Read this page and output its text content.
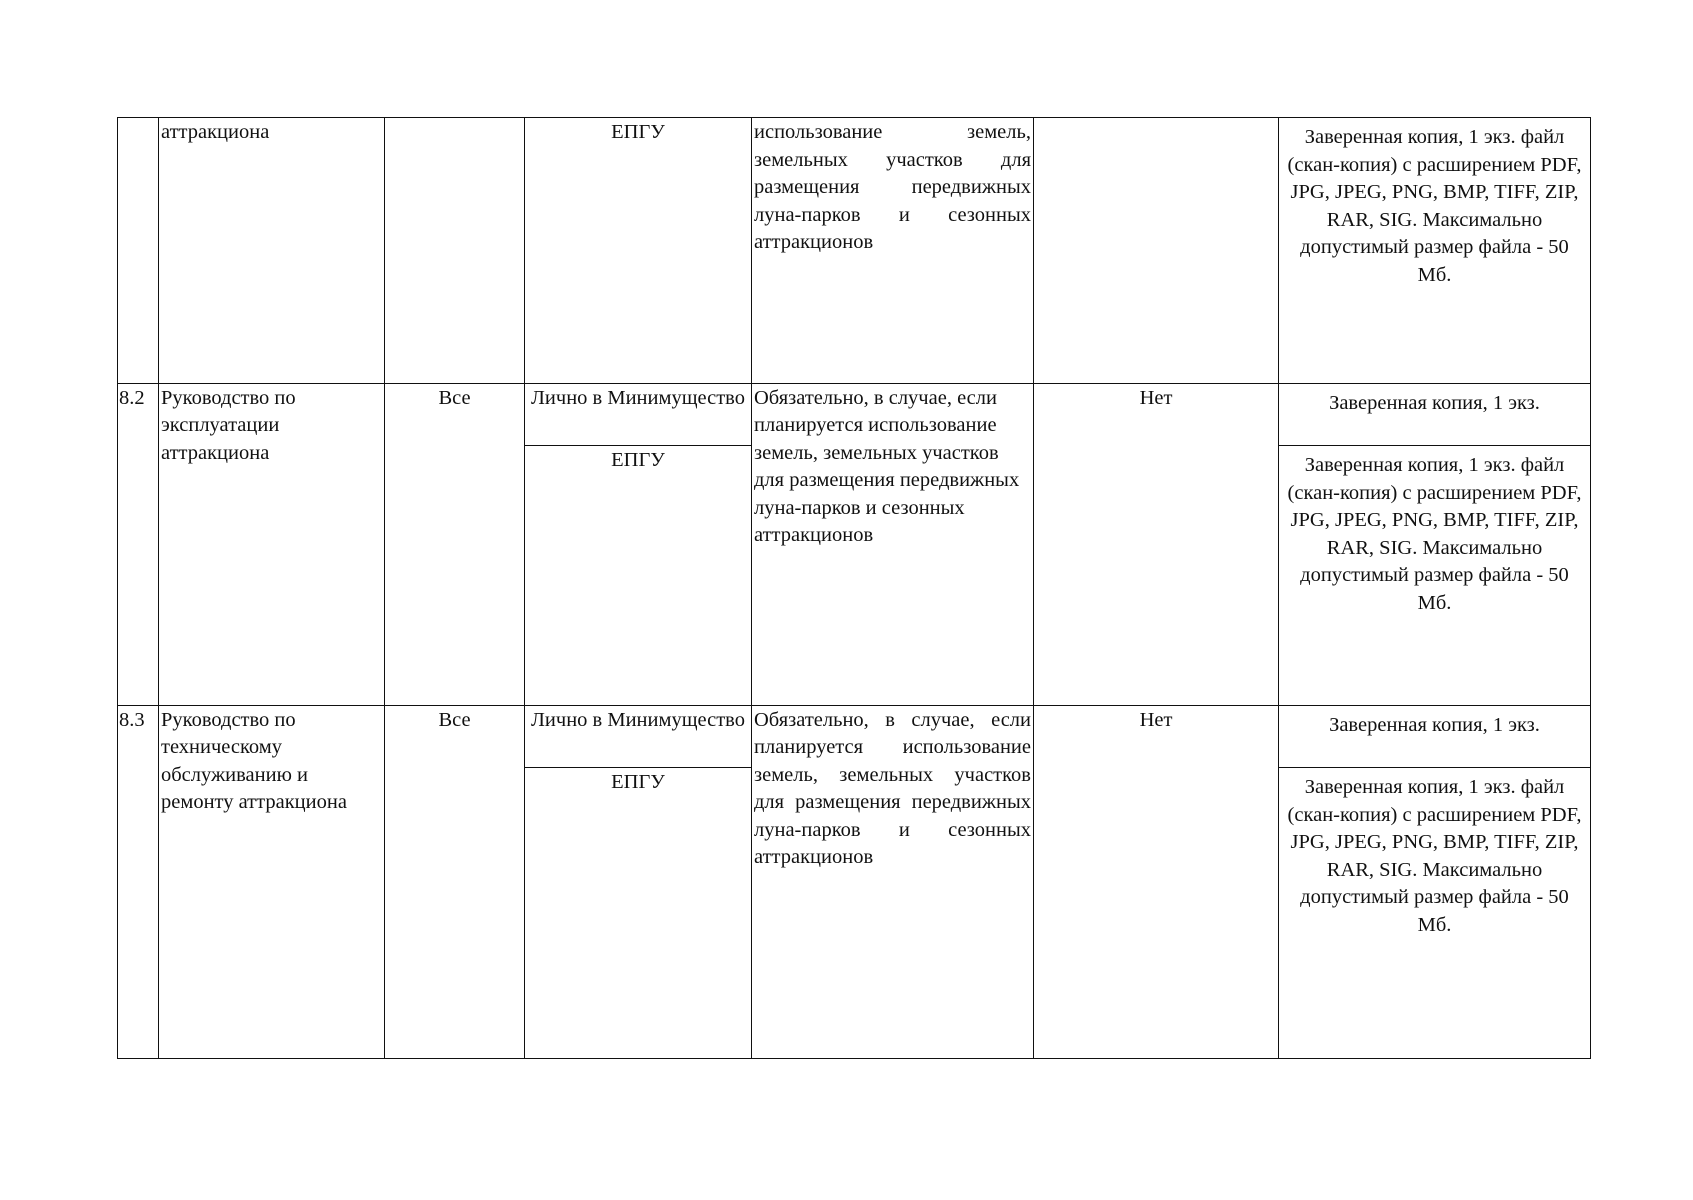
	аттракциона		ЕПГУ	использование земель, земельных участков для размещения передвижных луна-парков и сезонных аттракционов		Заверенная копия, 1 экз. файл (скан-копия) с расширением PDF, JPG, JPEG, PNG, BMP, TIFF, ZIP, RAR, SIG. Максимально допустимый размер файла - 50 Мб.
8.2	Руководство по эксплуатации аттракциона	Все	Лично в Минимущество	Обязательно, в случае, если планируется использование земель, земельных участков для размещения передвижных луна-парков и сезонных аттракционов	Нет	Заверенная копия, 1 экз.
			ЕПГУ			Заверенная копия, 1 экз. файл (скан-копия) с расширением PDF, JPG, JPEG, PNG, BMP, TIFF, ZIP, RAR, SIG. Максимально допустимый размер файла - 50 Мб.
8.3	Руководство по техническому обслуживанию и ремонту аттракциона	Все	Лично в Минимущество	Обязательно, в случае, если планируется использование земель, земельных участков для размещения передвижных луна-парков и сезонных аттракционов	Нет	Заверенная копия, 1 экз.
			ЕПГУ			Заверенная копия, 1 экз. файл (скан-копия) с расширением PDF, JPG, JPEG, PNG, BMP, TIFF, ZIP, RAR, SIG. Максимально допустимый размер файла - 50 Мб.
